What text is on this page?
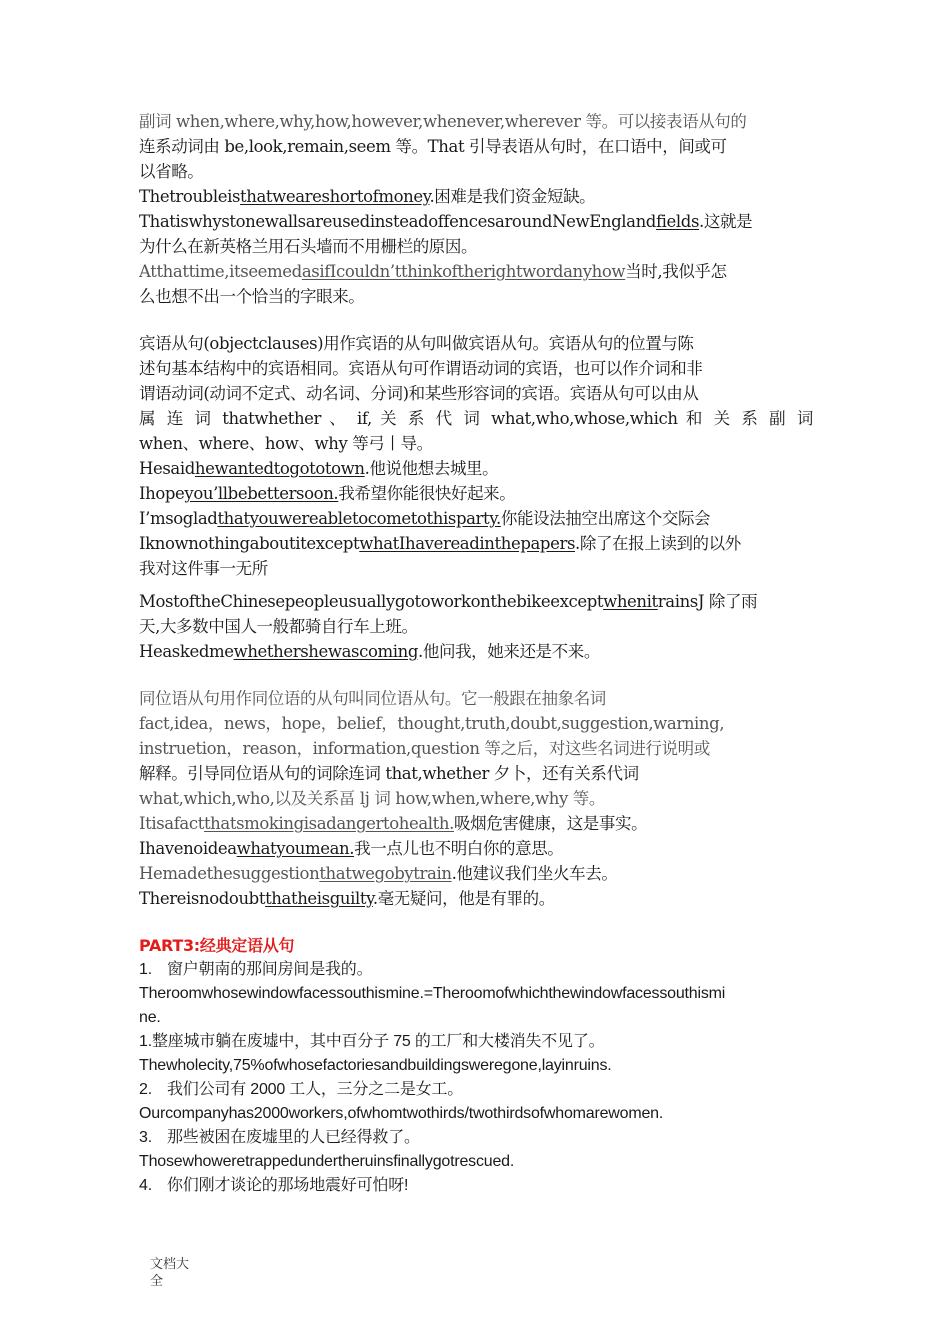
副词 when,where,why,how,however,whenever,wherever 等。可以接表语从句的
连系动词由 be,look,remain,seem 等。That 引导表语从句时，在口语中，间或可
以省略。
Thetroubleisthatweareshortofmoney.困难是我们资金短缺。
ThatiswhystonewallsareusedinsteadoffencesaroundNewEnglandfields.这就是
为什么在新英格兰用石头墙而不用栅栏的原因。
Atthattime,itseemedasifIcouldn’tthinkoftherightwordanyhow当时,我似乎怎
么也想不出一个恰当的字眼来。
宾语从句(objectclauses)用作宾语的从句叫做宾语从句。宾语从句的位置与陈
述句基本结构中的宾语相同。宾语从句可作谓语动词的宾语，也可以作介词和非
谓语动词(动词不定式、动名词、分词)和某些形容词的宾语。宾语从句可以由从
属 连 词 thatwhether 、 if, 关 系 代 词 what,who,whose,which 和 关 系 副 词
when、where、how、why 等弓丨导。
Hesaidhewantedtogototown.他说他想去城里。
Ihopeyou’llbebettersoon.我希望你能很快好起来。
I’msogladthatyouwereabletocometothisparty.你能设法抽空出席这个交际会
IknownothingaboutitexceptwhatIhavereadinthepapers.除了在报上读到的以外
我对这件事一无所
MostoftheChinesepeopleusuallygotoworkonthebikeexceptwhenitrainsJ 除了雨
天,大多数中国人一般都骑自行车上班。
Heaskedmewhethershewascoming.他问我，她来还是不来。
同位语从句用作同位语的从句叫同位语从句。它一般跟在抽象名词
fact,idea，news，hope，belief，thought,truth,doubt,suggestion,warning,
instruetion，reason，information,question 等之后，对这些名词进行说明或
解释。引导同位语从句的词除连词 that,whether 夕卜，还有关系代词
what,which,who,以及关系畐 lj 词 how,when,where,why 等。
Itisafactthatsmokingisadangertohealth.吸烟危害健康，这是事实。
Ihavenoideawhatyoumean.我一点儿也不明白你的意思。
Hemadethesuggestionthatwegobytrain.他建议我们坐火车去。
Thereisnodoubtthatheisguilty.毫无疑问，他是有罪的。
PART3:经典定语从句
1. 窗户朝南的那间房间是我的。
Theroomwhosewindowfacessouthismine.=Theroomofwhichthewindowfacessouthismi
ne.
1.整座城市躺在废墟中，其中百分子 75 的工厂和大楼消失不见了。
Thewholecity,75%ofwhosefactoriesandbuildingsweregone,layinruins.
2. 我们公司有 2000 工人，三分之二是女工。
Ourcompanyhas2000workers,ofwhomtwothirds/twothirdsofwhomarewomen.
3. 那些被困在废墟里的人已经得救了。
Thosewhoweretrappedundertheruinsfinallygotrescued.
4. 你们刚才谈论的那场地震好可怕呀!
文档大
全
